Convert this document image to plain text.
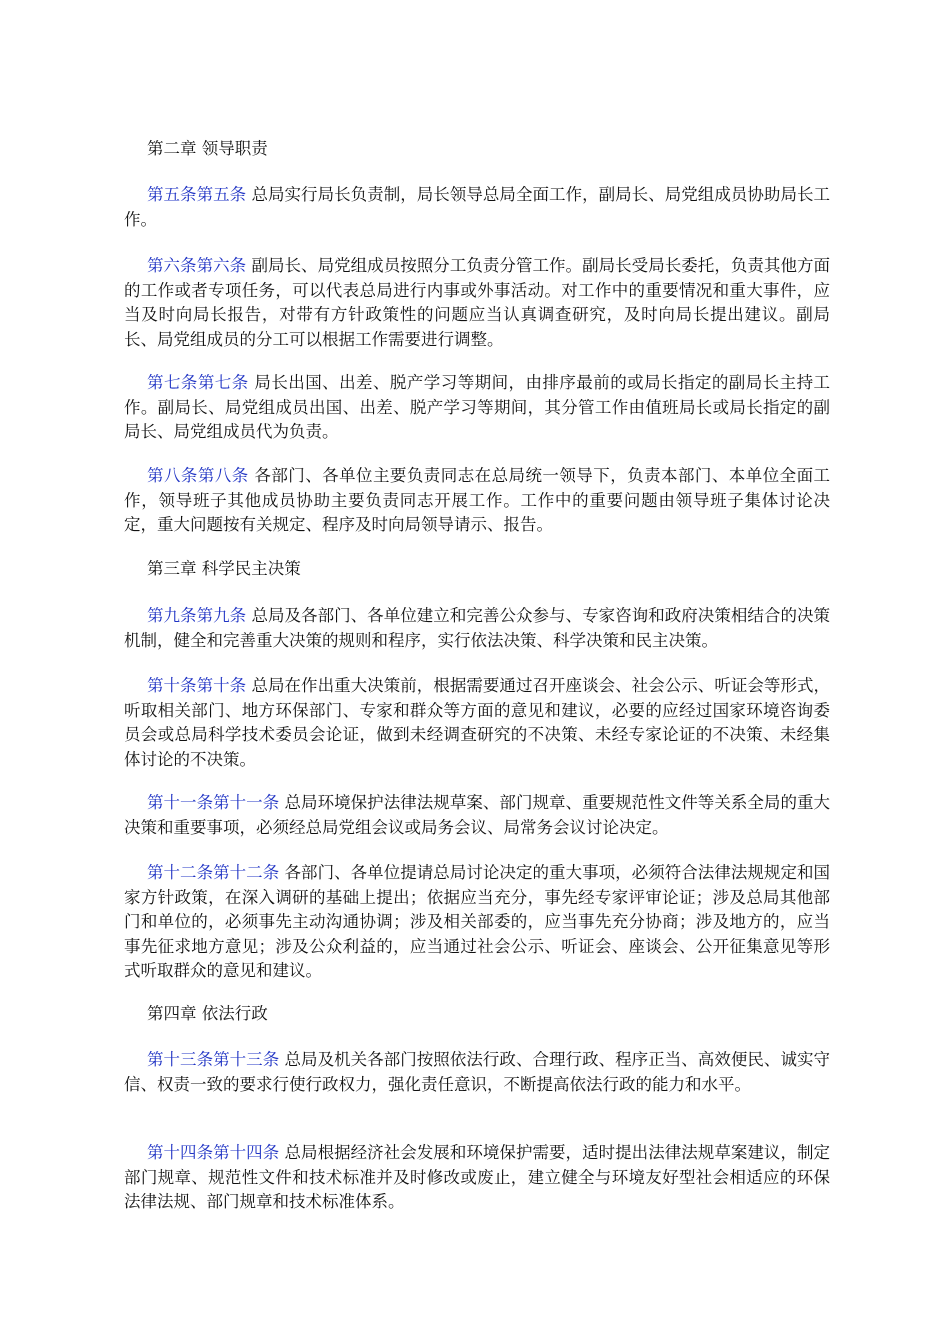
第二章 领导职责
第五条第五条 总局实行局长负责制，局长领导总局全面工作，副局长、局党组成员协助局长工作。
第六条第六条 副局长、局党组成员按照分工负责分管工作。副局长受局长委托，负责其他方面的工作或者专项任务，可以代表总局进行内事或外事活动。对工作中的重要情况和重大事件，应当及时向局长报告，对带有方针政策性的问题应当认真调查研究，及时向局长提出建议。副局长、局党组成员的分工可以根据工作需要进行调整。
第七条第七条 局长出国、出差、脱产学习等期间，由排序最前的或局长指定的副局长主持工作。副局长、局党组成员出国、出差、脱产学习等期间，其分管工作由值班局长或局长指定的副局长、局党组成员代为负责。
第八条第八条 各部门、各单位主要负责同志在总局统一领导下，负责本部门、本单位全面工作，领导班子其他成员协助主要负责同志开展工作。工作中的重要问题由领导班子集体讨论决定，重大问题按有关规定、程序及时向局领导请示、报告。
第三章 科学民主决策
第九条第九条 总局及各部门、各单位建立和完善公众参与、专家咨询和政府决策相结合的决策机制，健全和完善重大决策的规则和程序，实行依法决策、科学决策和民主决策。
第十条第十条 总局在作出重大决策前，根据需要通过召开座谈会、社会公示、听证会等形式，听取相关部门、地方环保部门、专家和群众等方面的意见和建议，必要的应经过国家环境咨询委员会或总局科学技术委员会论证，做到未经调查研究的不决策、未经专家论证的不决策、未经集体讨论的不决策。
第十一条第十一条 总局环境保护法律法规草案、部门规章、重要规范性文件等关系全局的重大决策和重要事项，必须经总局党组会议或局务会议、局常务会议讨论决定。
第十二条第十二条 各部门、各单位提请总局讨论决定的重大事项，必须符合法律法规规定和国家方针政策，在深入调研的基础上提出；依据应当充分，事先经专家评审论证；涉及总局其他部门和单位的，必须事先主动沟通协调；涉及相关部委的，应当事先充分协商；涉及地方的，应当事先征求地方意见；涉及公众利益的，应当通过社会公示、听证会、座谈会、公开征集意见等形式听取群众的意见和建议。
第四章 依法行政
第十三条第十三条 总局及机关各部门按照依法行政、合理行政、程序正当、高效便民、诚实守信、权责一致的要求行使行政权力，强化责任意识，不断提高依法行政的能力和水平。
第十四条第十四条 总局根据经济社会发展和环境保护需要，适时提出法律法规草案建议，制定部门规章、规范性文件和技术标准并及时修改或废止，建立健全与环境友好型社会相适应的环保法律法规、部门规章和技术标准体系。
